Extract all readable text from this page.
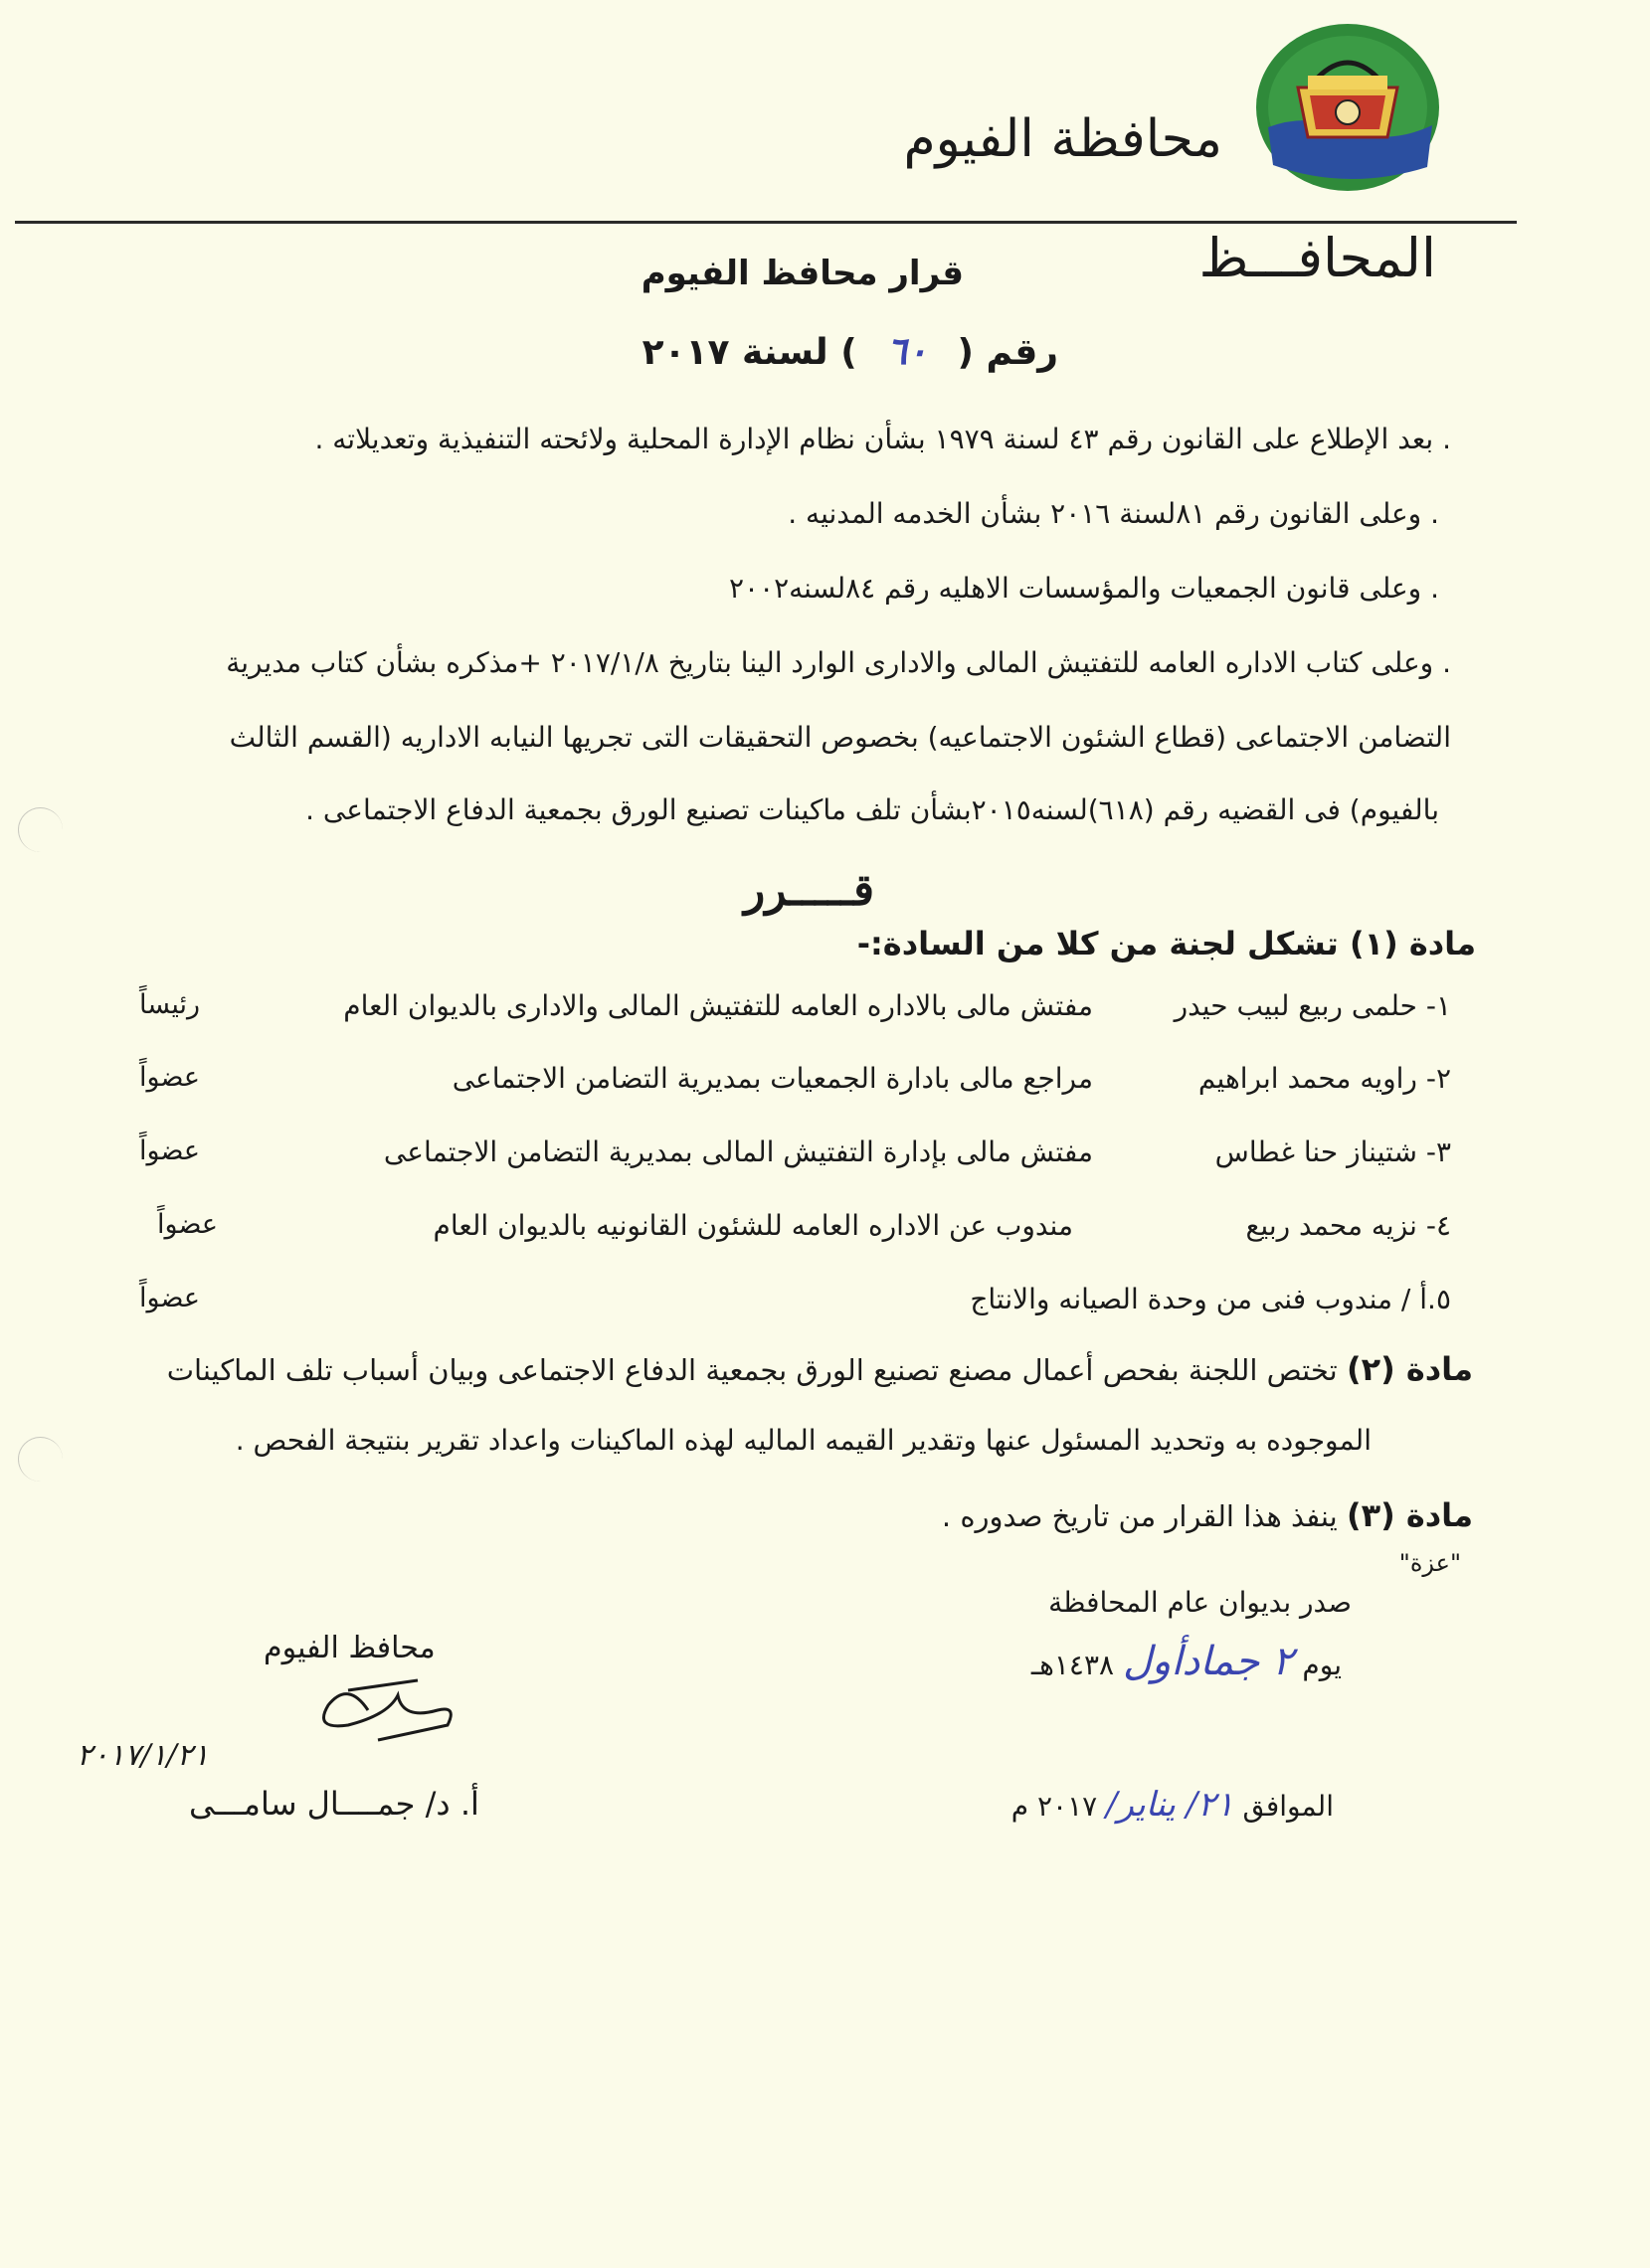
محافظة الفيوم
المحافـــظ
قرار محافظ الفيوم
رقم (٦٠) لسنة ٢٠١٧
. بعد الإطلاع على القانون رقم ٤٣ لسنة ١٩٧٩ بشأن نظام الإدارة المحلية ولائحته التنفيذية وتعديلاته .
. وعلى القانون رقم ٨١لسنة ٢٠١٦ بشأن الخدمه المدنيه .
. وعلى قانون الجمعيات والمؤسسات الاهليه رقم ٨٤لسنه٢٠٠٢
. وعلى كتاب الاداره العامه للتفتيش المالى والادارى الوارد الينا بتاريخ ٢٠١٧/١/٨ +مذكره بشأن كتاب مديرية
التضامن الاجتماعى (قطاع الشئون الاجتماعيه) بخصوص التحقيقات التى تجريها النيابه الاداريه (القسم الثالث
بالفيوم) فى القضيه رقم (٦١٨)لسنه٢٠١٥بشأن تلف ماكينات تصنيع الورق بجمعية الدفاع الاجتماعى .
قـــــرر
مادة (١) تشكل لجنة من كلا من السادة:-
١- حلمى ربيع لبيب حيدر
مفتش مالى بالاداره العامه للتفتيش المالى والادارى بالديوان العام
رئيساً
٢- راويه محمد ابراهيم
مراجع مالى بادارة الجمعيات بمديرية التضامن الاجتماعى
عضواً
٣- شتيناز حنا غطاس
مفتش مالى بإدارة التفتيش المالى بمديرية التضامن الاجتماعى
عضواً
٤- نزيه محمد ربيع
مندوب عن الاداره العامه للشئون القانونيه بالديوان العام
عضواً
٥.أ / مندوب فنى من وحدة الصيانه والانتاج
عضواً
مادة (٢) تختص اللجنة بفحص أعمال مصنع تصنيع الورق بجمعية الدفاع الاجتماعى وبيان أسباب تلف الماكينات
الموجوده به وتحديد المسئول عنها وتقدير القيمه الماليه لهذه الماكينات واعداد تقرير بنتيجة الفحص .
مادة (٣) ينفذ هذا القرار من تاريخ صدوره .
"عزة"
صدر بديوان عام المحافظة
يوم ٢ جمادأول ١٤٣٨هـ
الموافق ٢١/ يناير/ ٢٠١٧ م
محافظ الفيوم
٢٠١٧/١/٢١
أ. د/ جمــــال سامـــى
